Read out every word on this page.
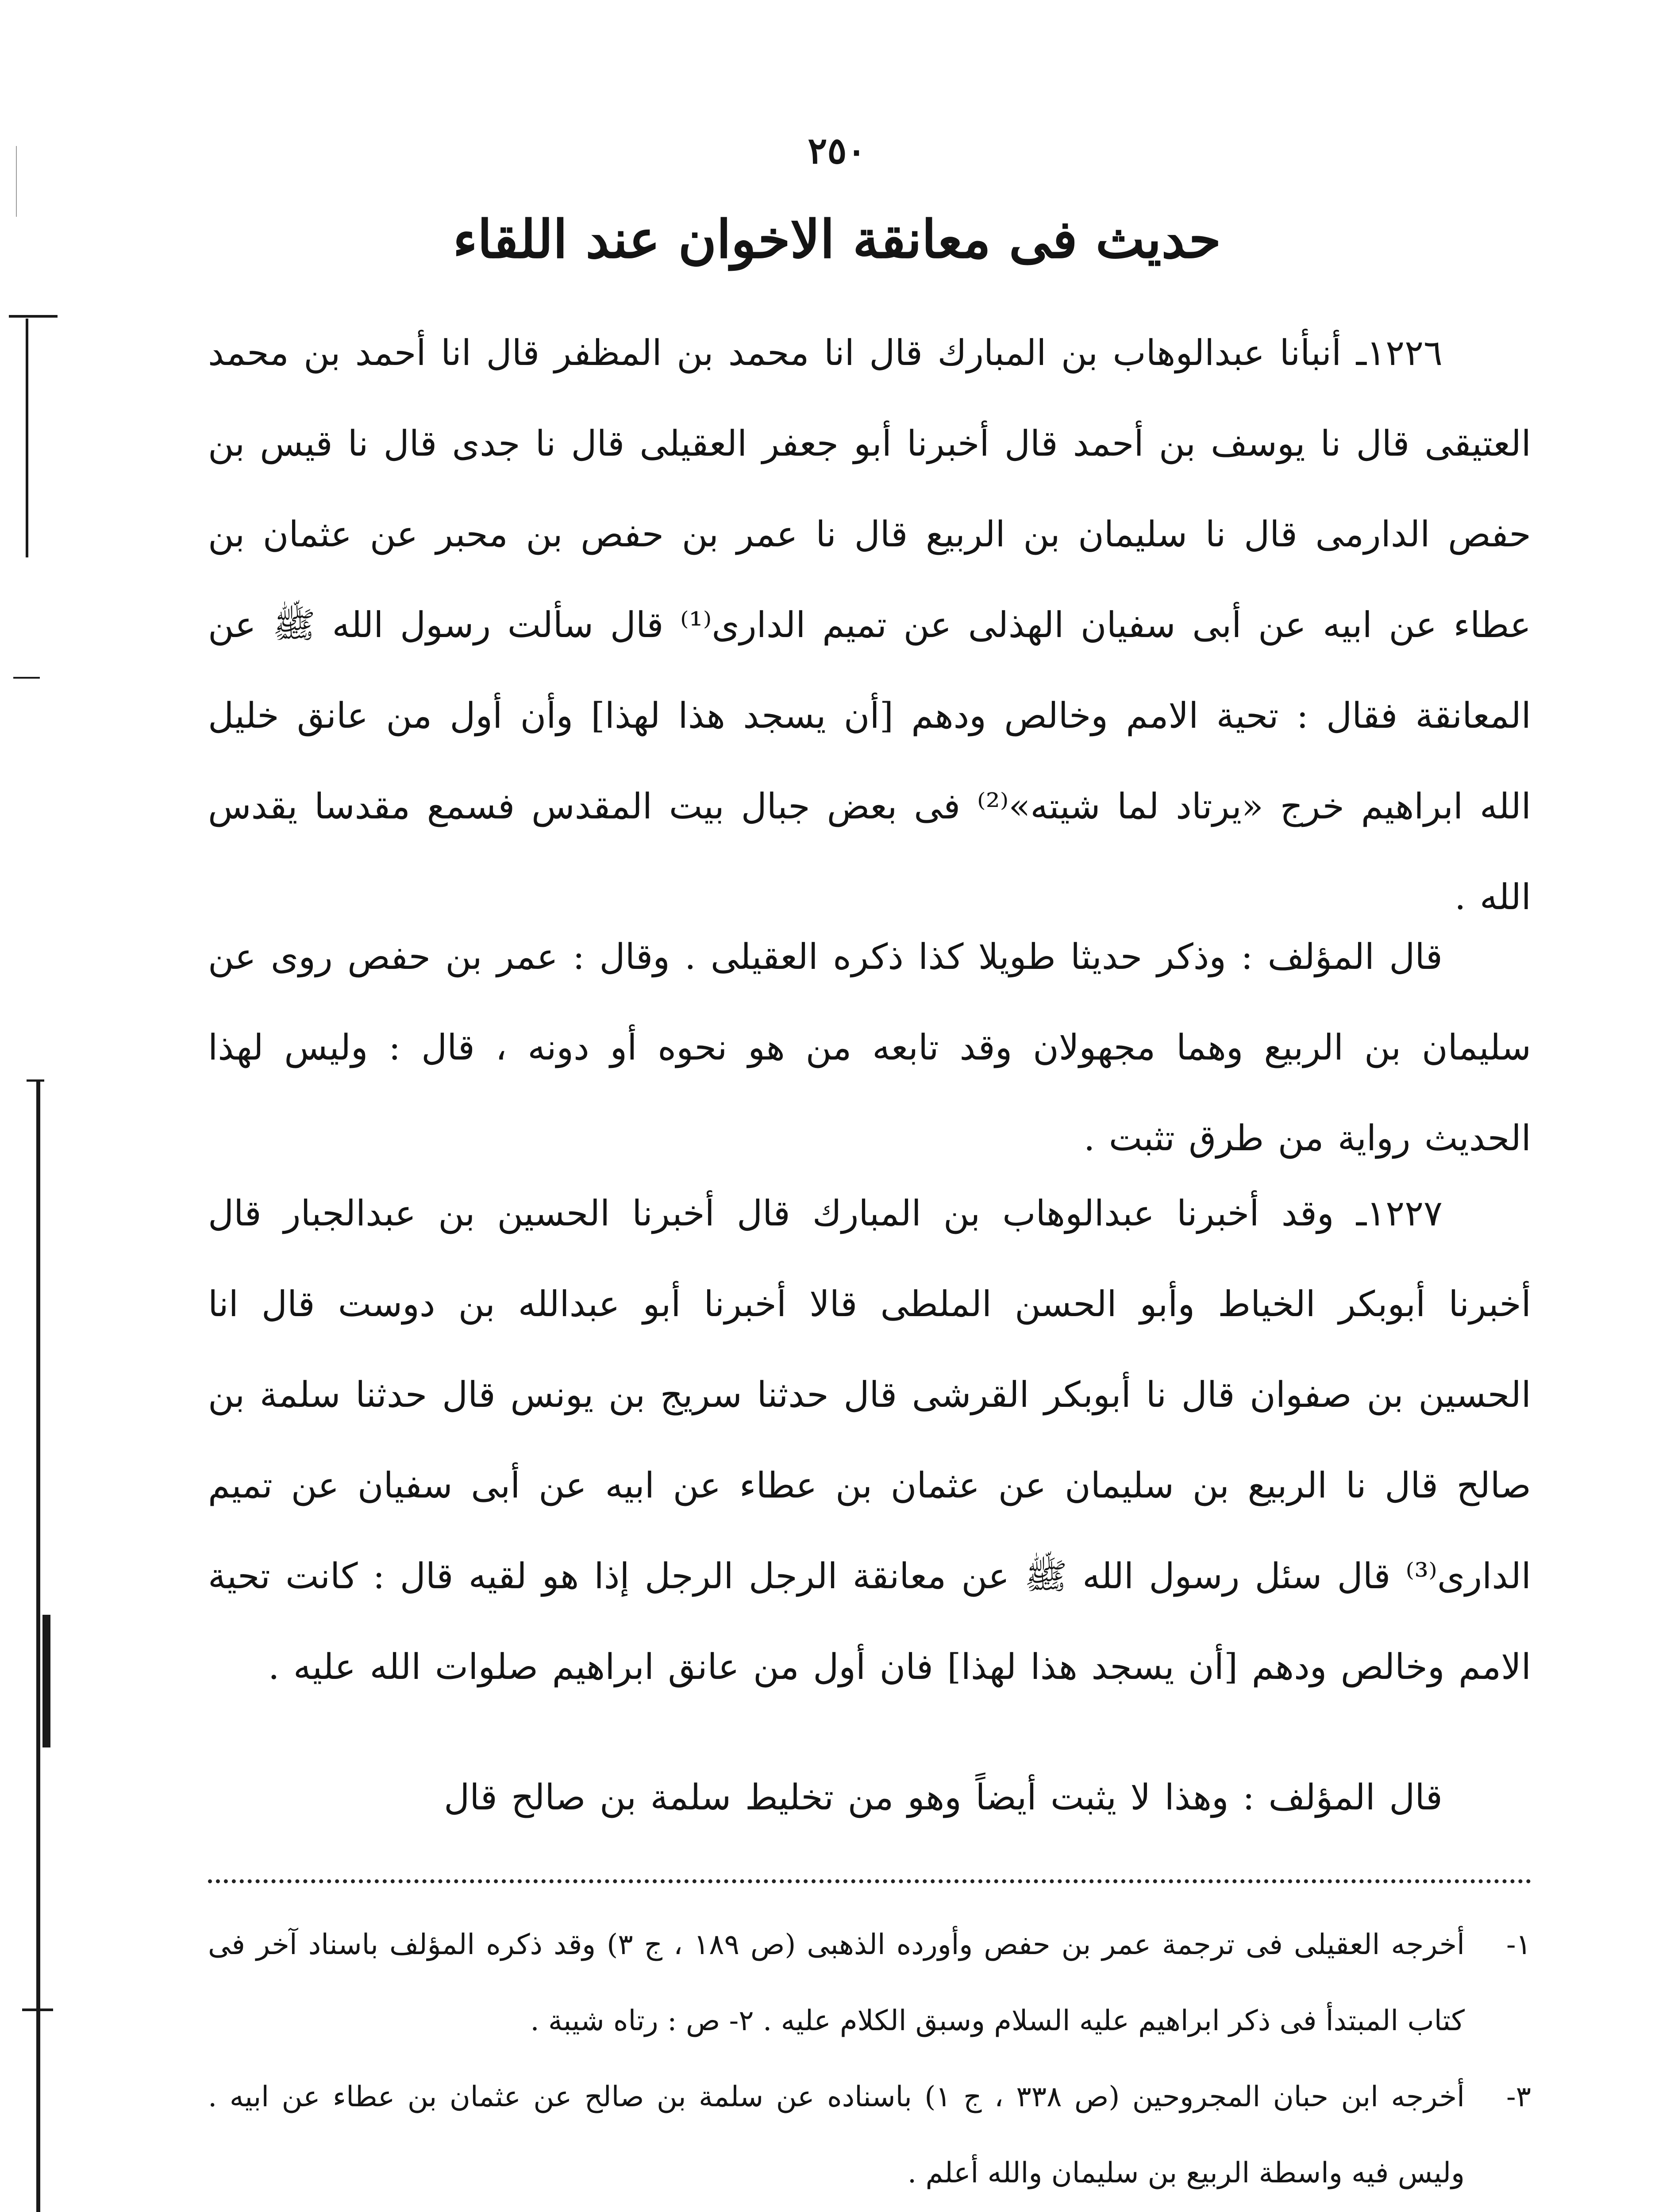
٢٥٠
حديث فى معانقة الاخوان عند اللقاء

١٢٢٦ـ أنبأنا عبدالوهاب بن المبارك قال انا محمد بن المظفر قال انا أحمد بن محمد العتيقى قال نا يوسف بن أحمد قال أخبرنا أبو جعفر العقيلى قال نا جدى قال نا قيس بن حفص الدارمى قال نا سليمان بن الربيع قال نا عمر بن حفص بن محبر عن عثمان بن عطاء عن ابيه عن أبى سفيان الهذلى عن تميم الدارى⁽¹⁾ قال سألت رسول الله ﷺ عن المعانقة فقال : تحية الامم وخالص ودهم [أن يسجد هذا لهذا] وأن أول من عانق خليل الله ابراهيم خرج «يرتاد لما شيته»⁽²⁾ فى بعض جبال بيت المقدس فسمع مقدسا يقدس الله .

قال المؤلف : وذكر حديثا طويلا كذا ذكره العقيلى . وقال : عمر بن حفص روى عن سليمان بن الربيع وهما مجهولان وقد تابعه من هو نحوه أو دونه ، قال : وليس لهذا الحديث رواية من طرق تثبت .

١٢٢٧ـ وقد أخبرنا عبدالوهاب بن المبارك قال أخبرنا الحسين بن عبدالجبار قال أخبرنا أبوبكر الخياط وأبو الحسن الملطى قالا أخبرنا أبو عبدالله بن دوست قال انا الحسين بن صفوان قال نا أبوبكر القرشى قال حدثنا سريج بن يونس قال حدثنا سلمة بن صالح قال نا الربيع بن سليمان عن عثمان بن عطاء عن ابيه عن أبى سفيان عن تميم الدارى⁽³⁾ قال سئل رسول الله ﷺ عن معانقة الرجل الرجل إذا هو لقيه قال : كانت تحية الامم وخالص ودهم [أن يسجد هذا لهذا] فان أول من عانق ابراهيم صلوات الله عليه .

قال المؤلف : وهذا لا يثبت أيضاً وهو من تخليط سلمة بن صالح قال

١-
أخرجه العقيلى فى ترجمة عمر بن حفص وأورده الذهبى (ص ١٨٩ ، ج ٣) وقد ذكره المؤلف باسناد آخر فى كتاب المبتدأ فى ذكر ابراهيم عليه السلام وسبق الكلام عليه . ٢- ص : رتاه شيبة .
٣-
أخرجه ابن حبان المجروحين (ص ٣٣٨ ، ج ١) باسناده عن سلمة بن صالح عن عثمان بن عطاء عن ابيه . وليس فيه واسطة الربيع بن سليمان والله أعلم .
